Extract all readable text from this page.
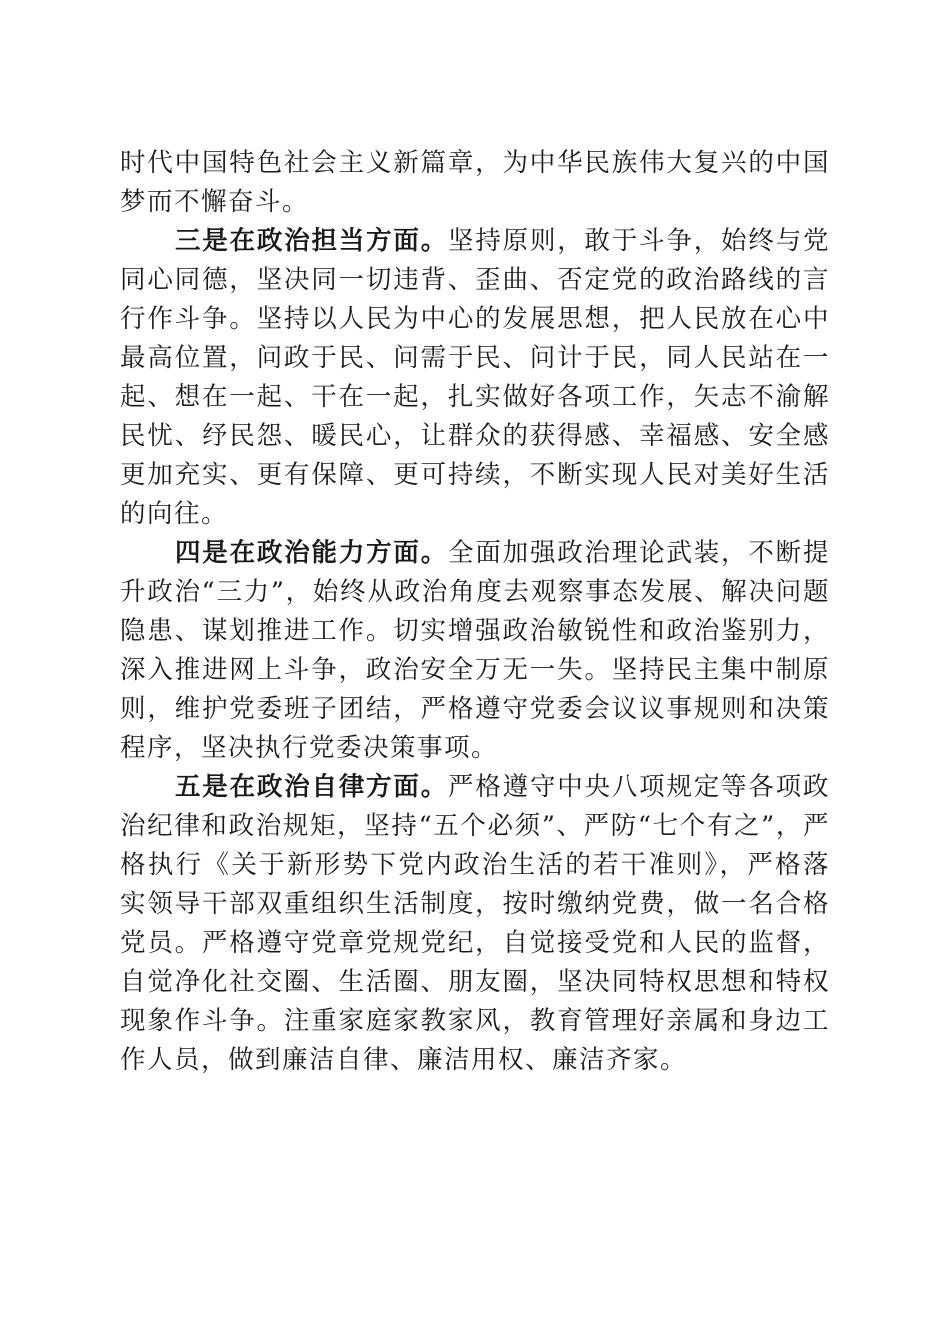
时代中国特色社会主义新篇章，为中华民族伟大复兴的中国梦而不懈奋斗。

三是在政治担当方面。坚持原则，敢于斗争，始终与党同心同德，坚决同一切违背、歪曲、否定党的政治路线的言行作斗争。坚持以人民为中心的发展思想，把人民放在心中最高位置，问政于民、问需于民、问计于民，同人民站在一起、想在一起、干在一起，扎实做好各项工作，矢志不渝解民忧、纾民怨、暖民心，让群众的获得感、幸福感、安全感更加充实、更有保障、更可持续，不断实现人民对美好生活的向往。

四是在政治能力方面。全面加强政治理论武装，不断提升政治“三力”，始终从政治角度去观察事态发展、解决问题隐患、谋划推进工作。切实增强政治敏锐性和政治鉴别力，深入推进网上斗争，政治安全万无一失。坚持民主集中制原则，维护党委班子团结，严格遵守党委会议议事规则和决策程序，坚决执行党委决策事项。

五是在政治自律方面。严格遵守中央八项规定等各项政治纪律和政治规矩，坚持“五个必须”、严防“七个有之”，严格执行《关于新形势下党内政治生活的若干准则》，严格落实领导干部双重组织生活制度，按时缴纳党费，做一名合格党员。严格遵守党章党规党纪，自觉接受党和人民的监督，自觉净化社交圈、生活圈、朋友圈，坚决同特权思想和特权现象作斗争。注重家庭家教家风，教育管理好亲属和身边工作人员，做到廉洁自律、廉洁用权、廉洁齐家。
